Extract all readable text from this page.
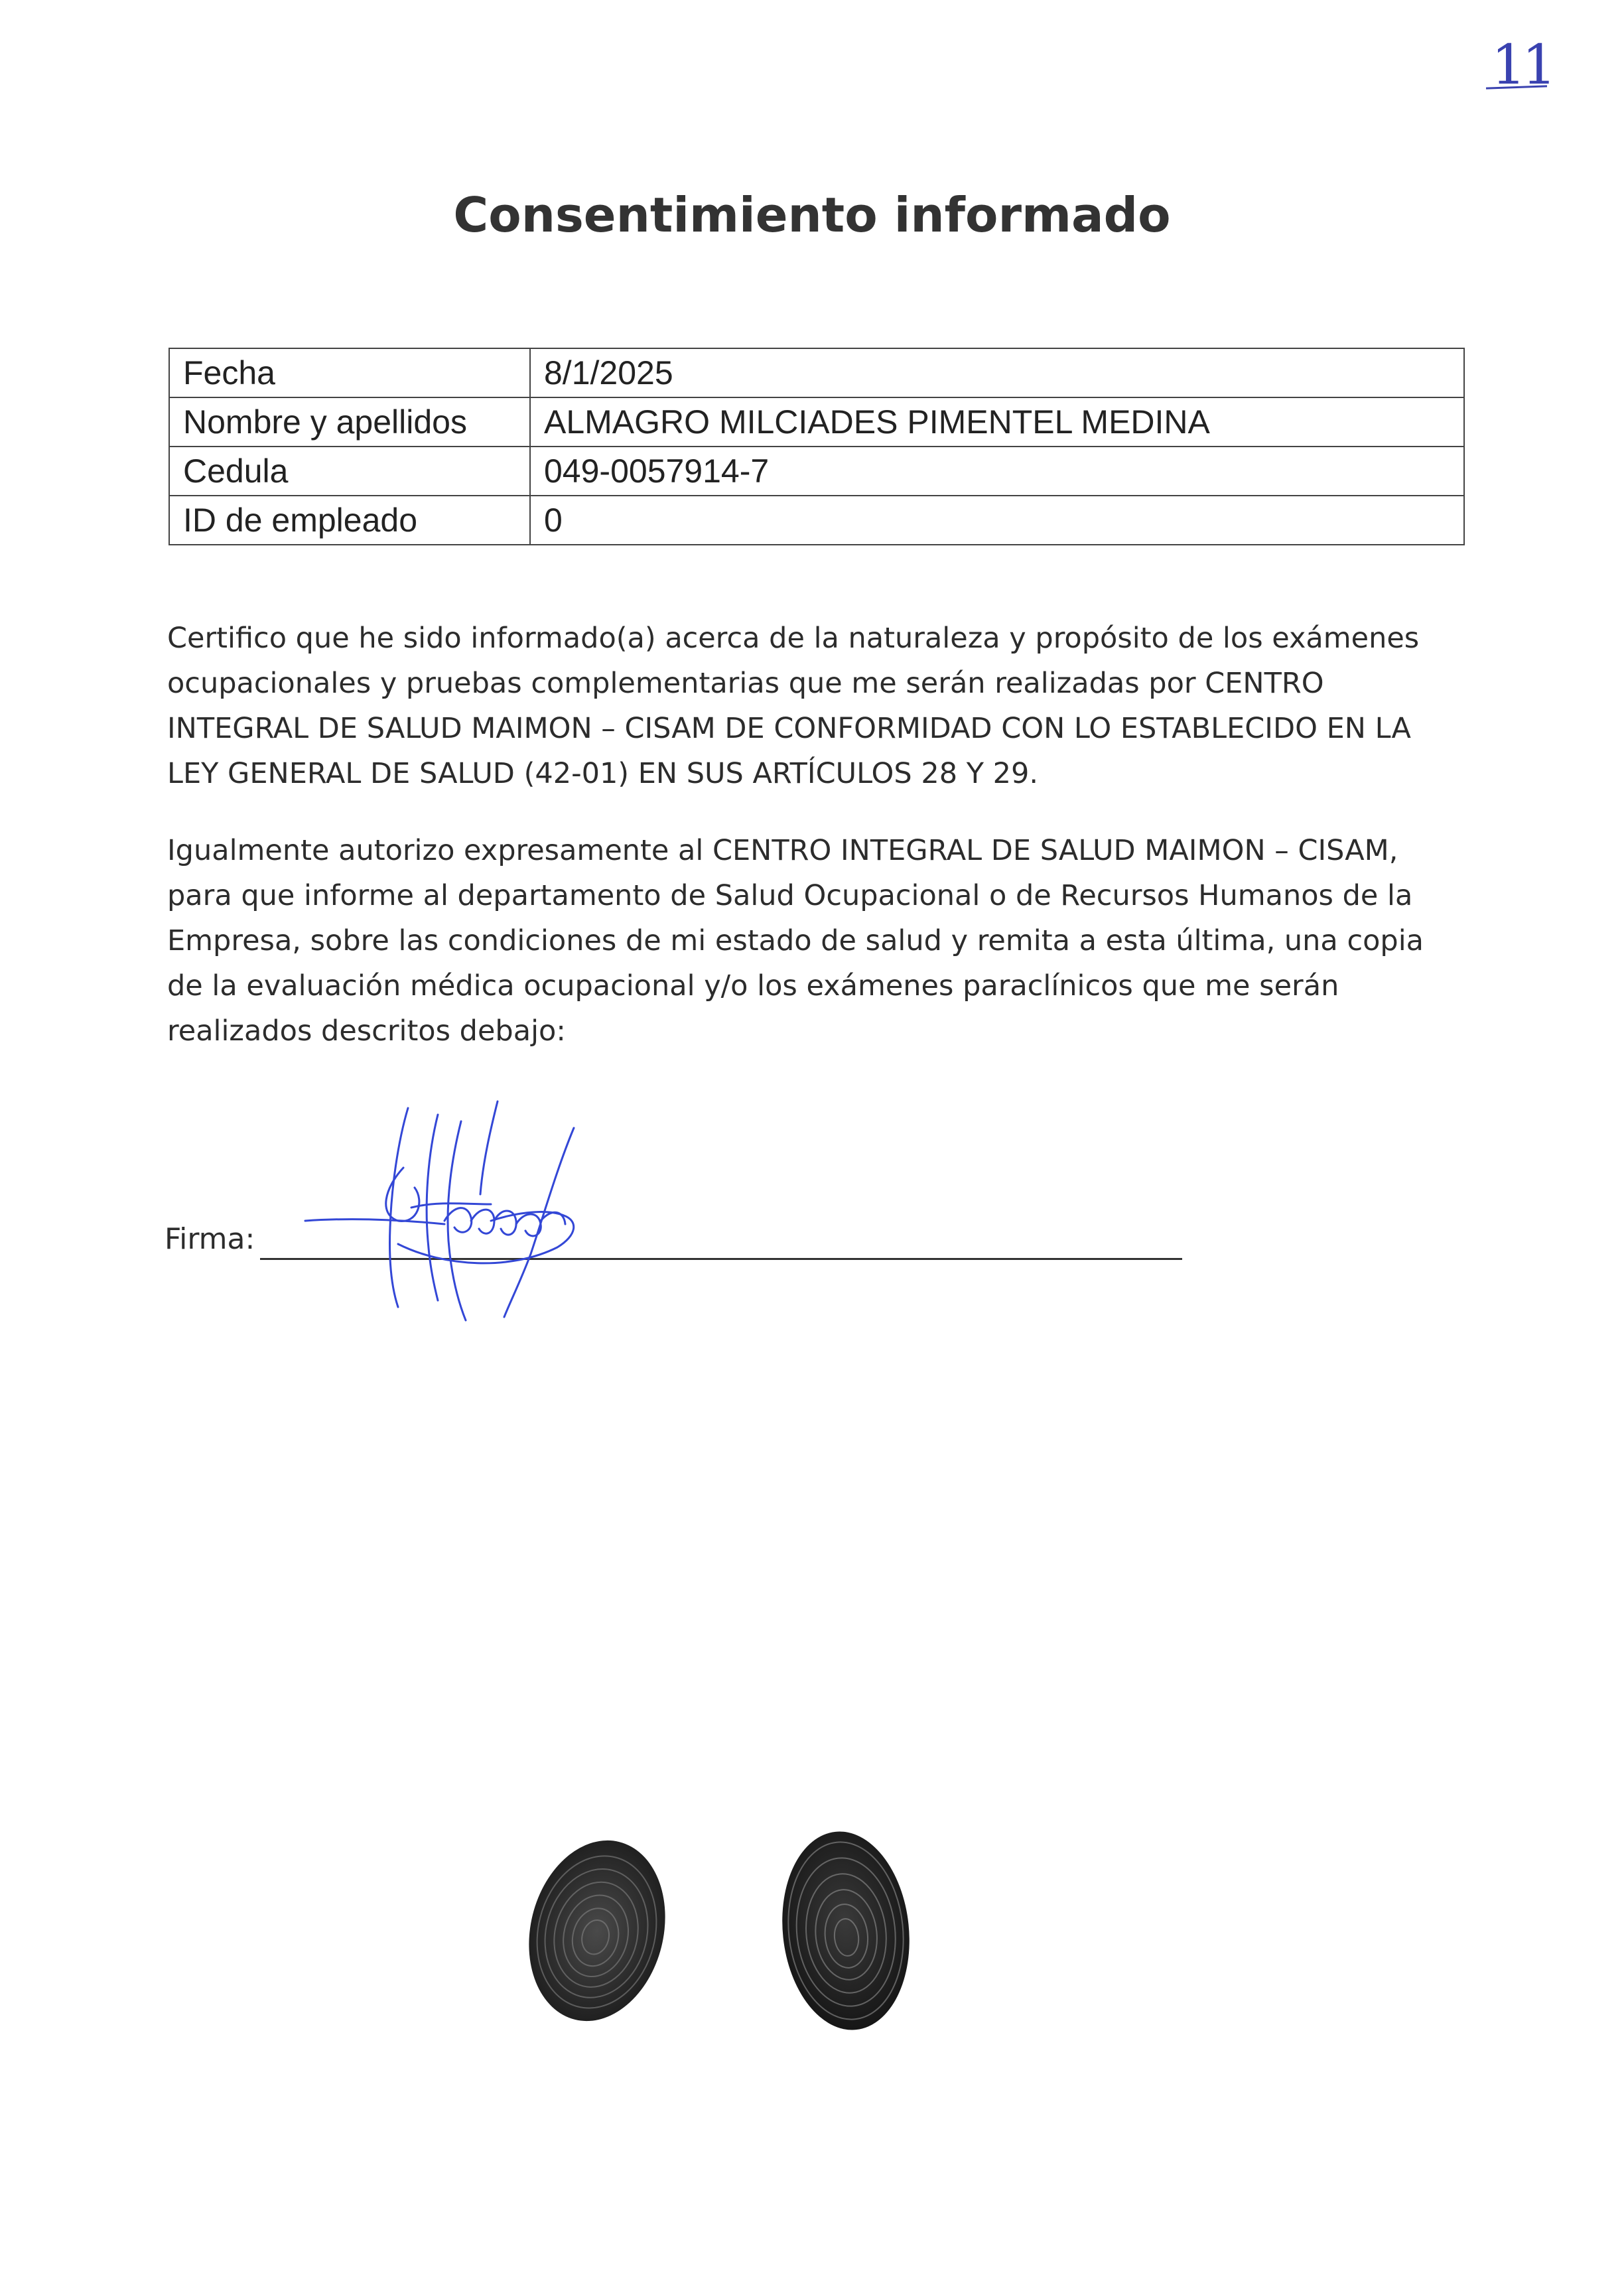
11
Consentimiento informado
Fecha	8/1/2025
Nombre y apellidos	ALMAGRO MILCIADES PIMENTEL MEDINA
Cedula	049-0057914-7
ID de empleado	0

Certifico que he sido informado(a) acerca de la naturaleza y propósito de los exámenes ocupacionales y pruebas complementarias que me serán realizadas por CENTRO INTEGRAL DE SALUD MAIMON – CISAM DE CONFORMIDAD CON LO ESTABLECIDO EN LA LEY GENERAL DE SALUD (42-01) EN SUS ARTÍCULOS 28 Y 29.

Igualmente autorizo expresamente al CENTRO INTEGRAL DE SALUD MAIMON – CISAM, para que informe al departamento de Salud Ocupacional o de Recursos Humanos de la Empresa, sobre las condiciones de mi estado de salud y remita a esta última, una copia de la evaluación médica ocupacional y/o los exámenes paraclínicos que me serán realizados descritos debajo:

Firma:
